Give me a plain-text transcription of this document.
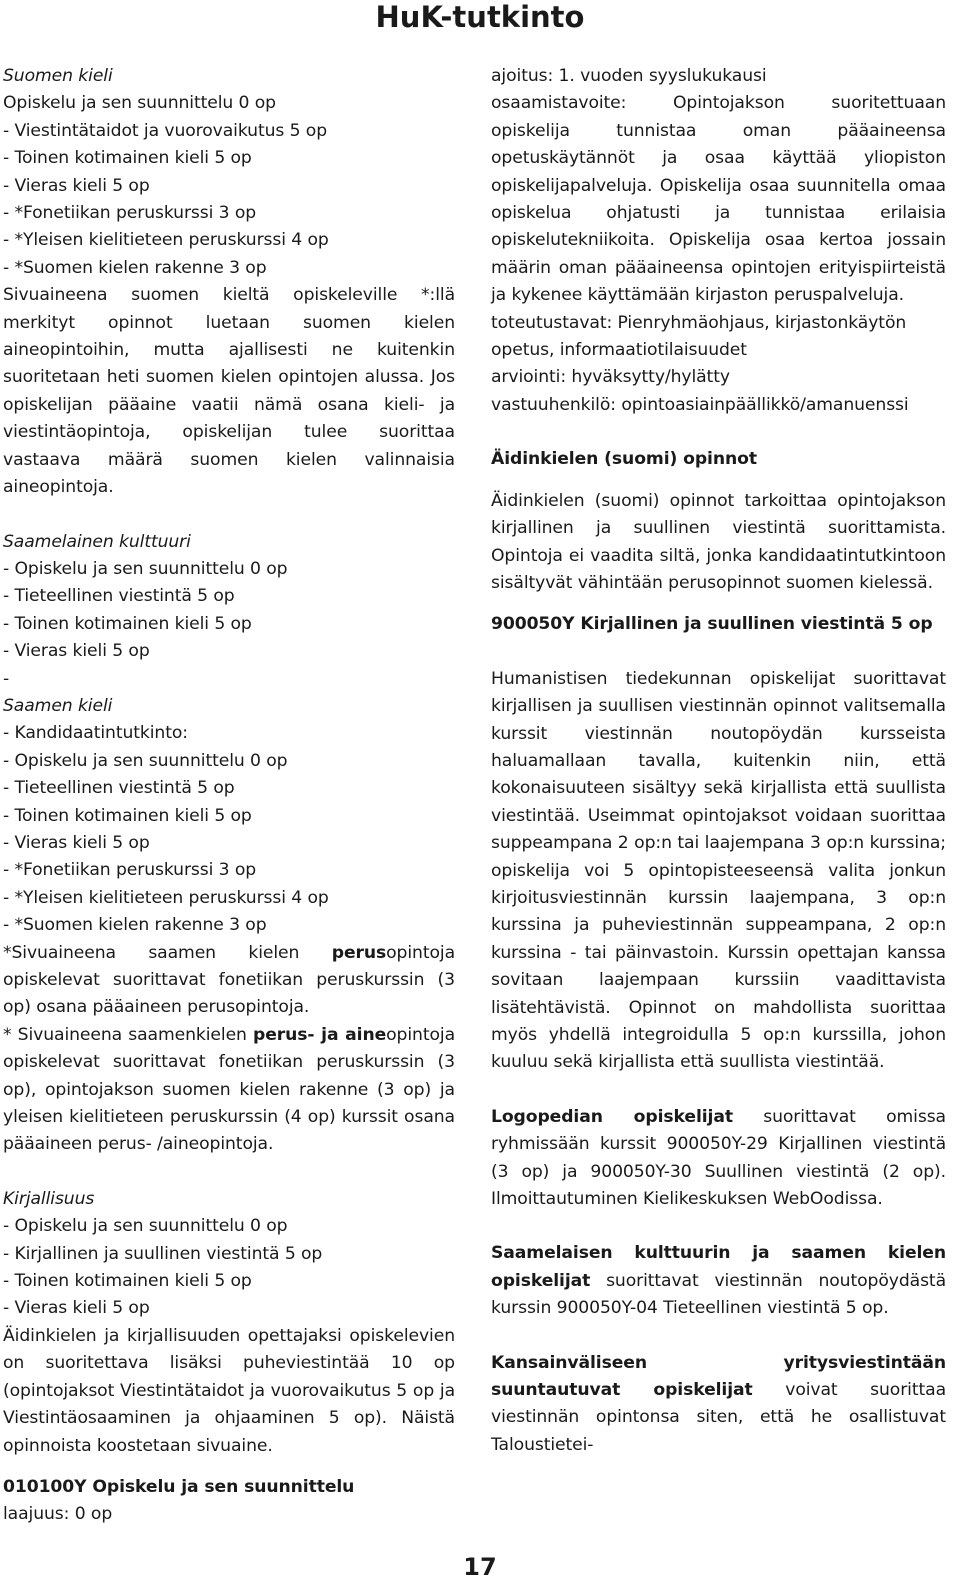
HuK-tutkinto

Suomen kieli

Opiskelu ja sen suunnittelu 0 op

- Viestintätaidot ja vuorovaikutus 5 op

- Toinen kotimainen kieli 5 op

- Vieras kieli 5 op

- *Fonetiikan peruskurssi 3 op

- *Yleisen kielitieteen peruskurssi 4 op

- *Suomen kielen rakenne 3 op

Sivuaineena suomen kieltä opiskeleville *:llä merkityt opinnot luetaan suomen kielen aineopintoihin, mutta ajallisesti ne kuitenkin suoritetaan heti suomen kielen opintojen alussa. Jos opiskelijan pääaine vaatii nämä osana kieli- ja viestintäopintoja, opiskelijan tulee suorittaa vastaava määrä suomen kielen valinnaisia aineopintoja.

Saamelainen kulttuuri

- Opiskelu ja sen suunnittelu 0 op

- Tieteellinen viestintä 5 op

- Toinen kotimainen kieli 5 op

- Vieras kieli 5 op

-

Saamen kieli

- Kandidaatintutkinto:

- Opiskelu ja sen suunnittelu 0 op

- Tieteellinen viestintä 5 op

- Toinen kotimainen kieli 5 op

- Vieras kieli 5 op

- *Fonetiikan peruskurssi 3 op

- *Yleisen kielitieteen peruskurssi 4 op

- *Suomen kielen rakenne 3 op

*Sivuaineena saamen kielen perusopintoja opiskelevat suorittavat fonetiikan peruskurssin (3 op) osana pääaineen perusopintoja.

* Sivuaineena saamenkielen perus- ja aineopintoja opiskelevat suorittavat fonetiikan peruskurssin (3 op), opintojakson suomen kielen rakenne (3 op) ja yleisen kielitieteen peruskurssin (4 op) kurssit osana pääaineen perus- /aineopintoja.

Kirjallisuus

- Opiskelu ja sen suunnittelu 0 op

- Kirjallinen ja suullinen viestintä 5 op

- Toinen kotimainen kieli 5 op

- Vieras kieli 5 op

Äidinkielen ja kirjallisuuden opettajaksi opiskelevien on suoritettava lisäksi puheviestintää 10 op (opintojaksot Viestintätaidot ja vuorovaikutus 5 op ja Viestintäosaaminen ja ohjaaminen 5 op). Näistä opinnoista koostetaan sivuaine.

010100Y Opiskelu ja sen suunnittelu

laajuus: 0 op

ajoitus: 1. vuoden syyslukukausi

osaamistavoite: Opintojakson suoritettuaan opiskelija tunnistaa oman pääaineensa opetuskäytännöt ja osaa käyttää yliopiston opiskelijapalveluja. Opiskelija osaa suunnitella omaa opiskelua ohjatusti ja tunnistaa erilaisia opiskelutekniikoita. Opiskelija osaa kertoa jossain määrin oman pääaineensa opintojen erityispiirteistä ja kykenee käyttämään kirjaston peruspalveluja.

toteutustavat: Pienryhmäohjaus, kirjastonkäytön opetus, informaatiotilaisuudet

arviointi: hyväksytty/hylätty

vastuuhenkilö: opintoasiainpäällikkö/amanuenssi

Äidinkielen (suomi) opinnot

Äidinkielen (suomi) opinnot tarkoittaa opintojakson kirjallinen ja suullinen viestintä suorittamista. Opintoja ei vaadita siltä, jonka kandidaatintutkintoon sisältyvät vähintään perusopinnot suomen kielessä.

900050Y Kirjallinen ja suullinen viestintä 5 op

Humanistisen tiedekunnan opiskelijat suorittavat kirjallisen ja suullisen viestinnän opinnot valitsemalla kurssit viestinnän noutopöydän kursseista haluamallaan tavalla, kuitenkin niin, että kokonaisuuteen sisältyy sekä kirjallista että suullista viestintää. Useimmat opintojaksot voidaan suorittaa suppeampana 2 op:n tai laajempana 3 op:n kurssina; opiskelija voi 5 opintopisteeseensä valita jonkun kirjoitusviestinnän kurssin laajempana, 3 op:n kurssina ja puheviestinnän suppeampana, 2 op:n kurssina - tai päinvastoin. Kurssin opettajan kanssa sovitaan laajempaan kurssiin vaadittavista lisätehtävistä. Opinnot on mahdollista suorittaa myös yhdellä integroidulla 5 op:n kurssilla, johon kuuluu sekä kirjallista että suullista viestintää.

Logopedian opiskelijat suorittavat omissa ryhmissään kurssit 900050Y-29 Kirjallinen viestintä (3 op) ja 900050Y-30 Suullinen viestintä (2 op). Ilmoittautuminen Kielikeskuksen WebOodissa.

Saamelaisen kulttuurin ja saamen kielen opiskelijat suorittavat viestinnän noutopöydästä kurssin 900050Y-04 Tieteellinen viestintä 5 op.

Kansainväliseen yritysviestintään suuntautuvat opiskelijat voivat suorittaa viestinnän opintonsa siten, että he osallistuvat Taloustietei-

17
